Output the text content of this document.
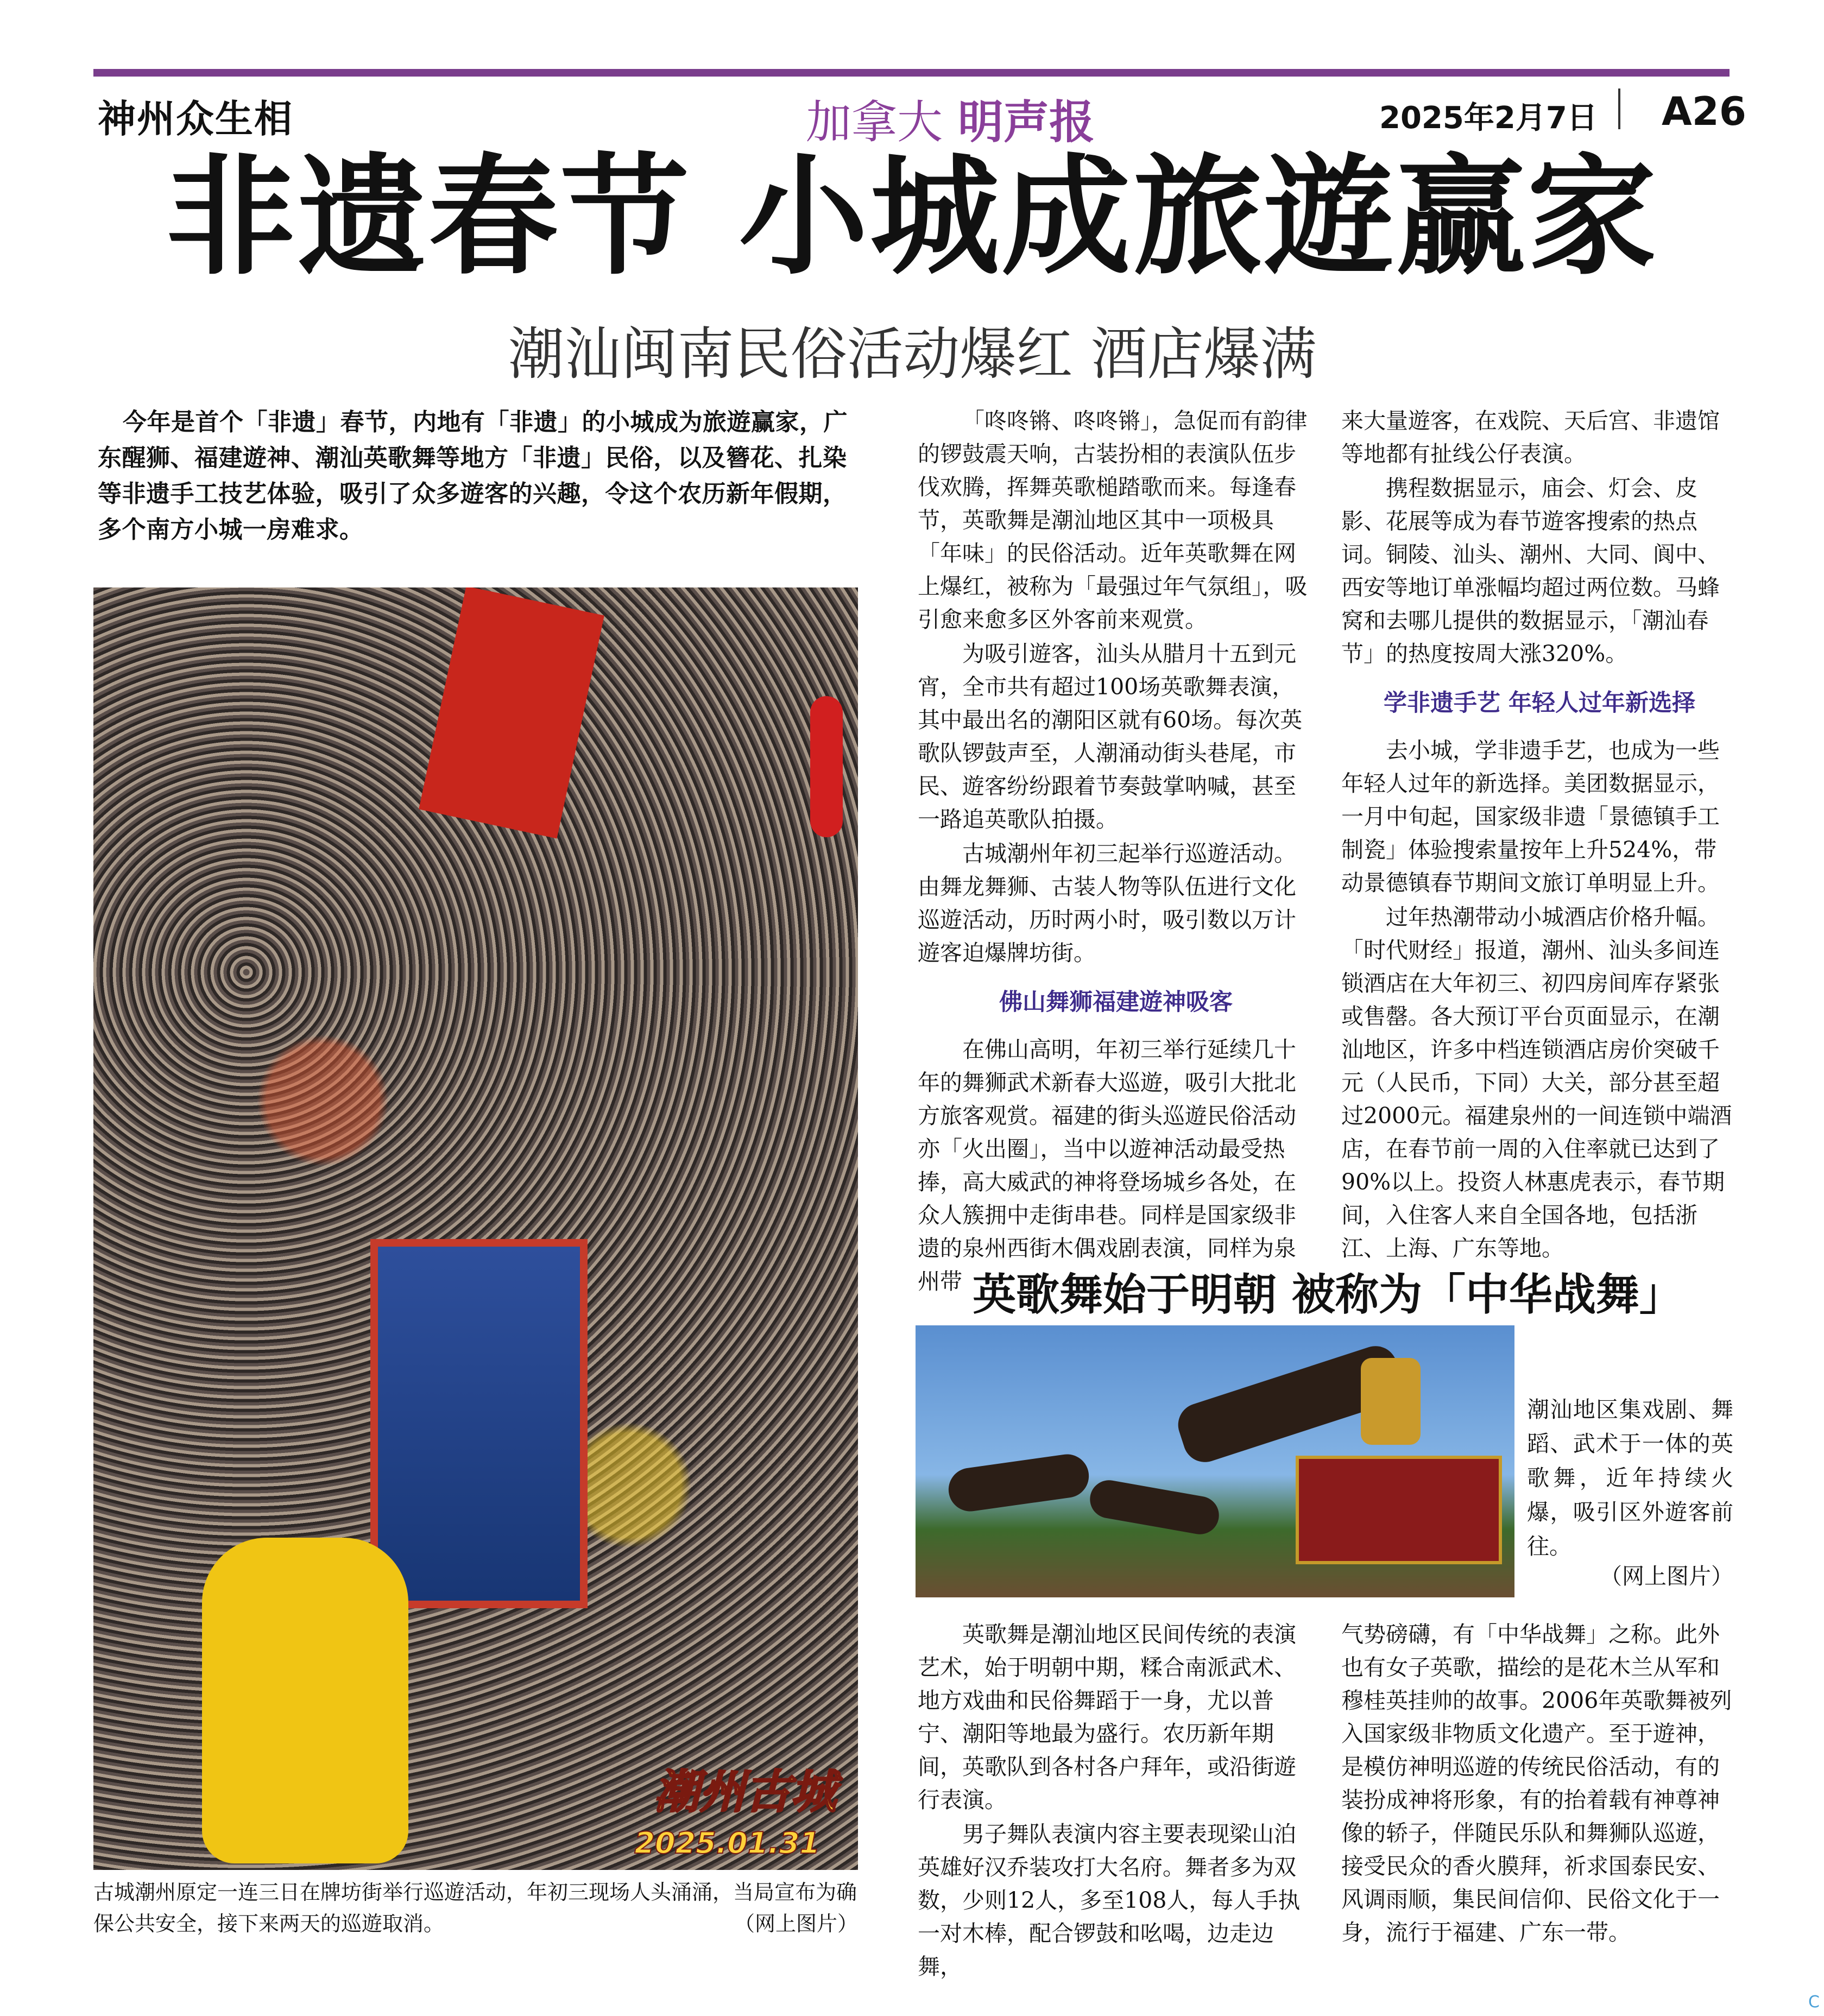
神州众生相	加拿大 明声报	2025年2月7日 A26
非遗春节 小城成旅遊赢家
潮汕闽南民俗活动爆红 酒店爆满
今年是首个「非遗」春节，内地有「非遗」的小城成为旅遊赢家，广东醒狮、福建遊神、潮汕英歌舞等地方「非遗」民俗，以及簪花、扎染等非遗手工技艺体验，吸引了众多遊客的兴趣，令这个农历新年假期，多个南方小城一房难求。

「咚咚锵、咚咚锵」，急促而有韵律的锣鼓震天响，古装扮相的表演队伍步伐欢腾，挥舞英歌槌踏歌而来。每逢春节，英歌舞是潮汕地区其中一项极具「年味」的民俗活动。近年英歌舞在网上爆红，被称为「最强过年气氛组」，吸引愈来愈多区外客前来观赏。

为吸引遊客，汕头从腊月十五到元宵，全市共有超过100场英歌舞表演，其中最出名的潮阳区就有60场。每次英歌队锣鼓声至，人潮涌动街头巷尾，市民、遊客纷纷跟着节奏鼓掌呐喊，甚至一路追英歌队拍摄。

古城潮州年初三起举行巡遊活动。由舞龙舞狮、古装人物等队伍进行文化巡遊活动，历时两小时，吸引数以万计遊客迫爆牌坊街。

佛山舞狮福建遊神吸客

在佛山高明，年初三举行延续几十年的舞狮武术新春大巡遊，吸引大批北方旅客观赏。福建的街头巡遊民俗活动亦「火出圈」，当中以遊神活动最受热捧，高大威武的神将登场城乡各处，在众人簇拥中走街串巷。同样是国家级非遗的泉州西街木偶戏剧表演，同样为泉州带

来大量遊客，在戏院、天后宫、非遗馆等地都有扯线公仔表演。

携程数据显示，庙会、灯会、皮影、花展等成为春节遊客搜索的热点词。铜陵、汕头、潮州、大同、阆中、西安等地订单涨幅均超过两位数。马蜂窝和去哪儿提供的数据显示，「潮汕春节」的热度按周大涨320%。

学非遗手艺 年轻人过年新选择

去小城，学非遗手艺，也成为一些年轻人过年的新选择。美团数据显示，一月中旬起，国家级非遗「景德镇手工制瓷」体验搜索量按年上升524%，带动景德镇春节期间文旅订单明显上升。

过年热潮带动小城酒店价格升幅。「时代财经」报道，潮州、汕头多间连锁酒店在大年初三、初四房间库存紧张或售罄。各大预订平台页面显示，在潮汕地区，许多中档连锁酒店房价突破千元（人民币，下同）大关，部分甚至超过2000元。福建泉州的一间连锁中端酒店，在春节前一周的入住率就已达到了90%以上。投资人林惠虎表示，春节期间，入住客人来自全国各地，包括浙江、上海、广东等地。

潮州古城
2025.01.31
古城潮州原定一连三日在牌坊街举行巡遊活动，年初三现场人头涌涌，当局宣布为确保公共安全，接下来两天的巡遊取消。	（网上图片）
英歌舞始于明朝 被称为「中华战舞」
潮汕地区集戏剧、舞蹈、武术于一体的英歌舞，近年持续火爆，吸引区外遊客前往。
（网上图片）

英歌舞是潮汕地区民间传统的表演艺术，始于明朝中期，糅合南派武术、地方戏曲和民俗舞蹈于一身，尤以普宁、潮阳等地最为盛行。农历新年期间，英歌队到各村各户拜年，或沿街遊行表演。

男子舞队表演内容主要表现梁山泊英雄好汉乔装攻打大名府。舞者多为双数，少则12人，多至108人，每人手执一对木棒，配合锣鼓和吆喝，边走边舞，

气势磅礴，有「中华战舞」之称。此外也有女子英歌，描绘的是花木兰从军和穆桂英挂帅的故事。2006年英歌舞被列入国家级非物质文化遗产。至于遊神，是模仿神明巡遊的传统民俗活动，有的装扮成神将形象，有的抬着载有神尊神像的轿子，伴随民乐队和舞狮队巡遊，接受民众的香火膜拜，祈求国泰民安、风调雨顺，集民间信仰、民俗文化于一身，流行于福建、广东一带。

C
